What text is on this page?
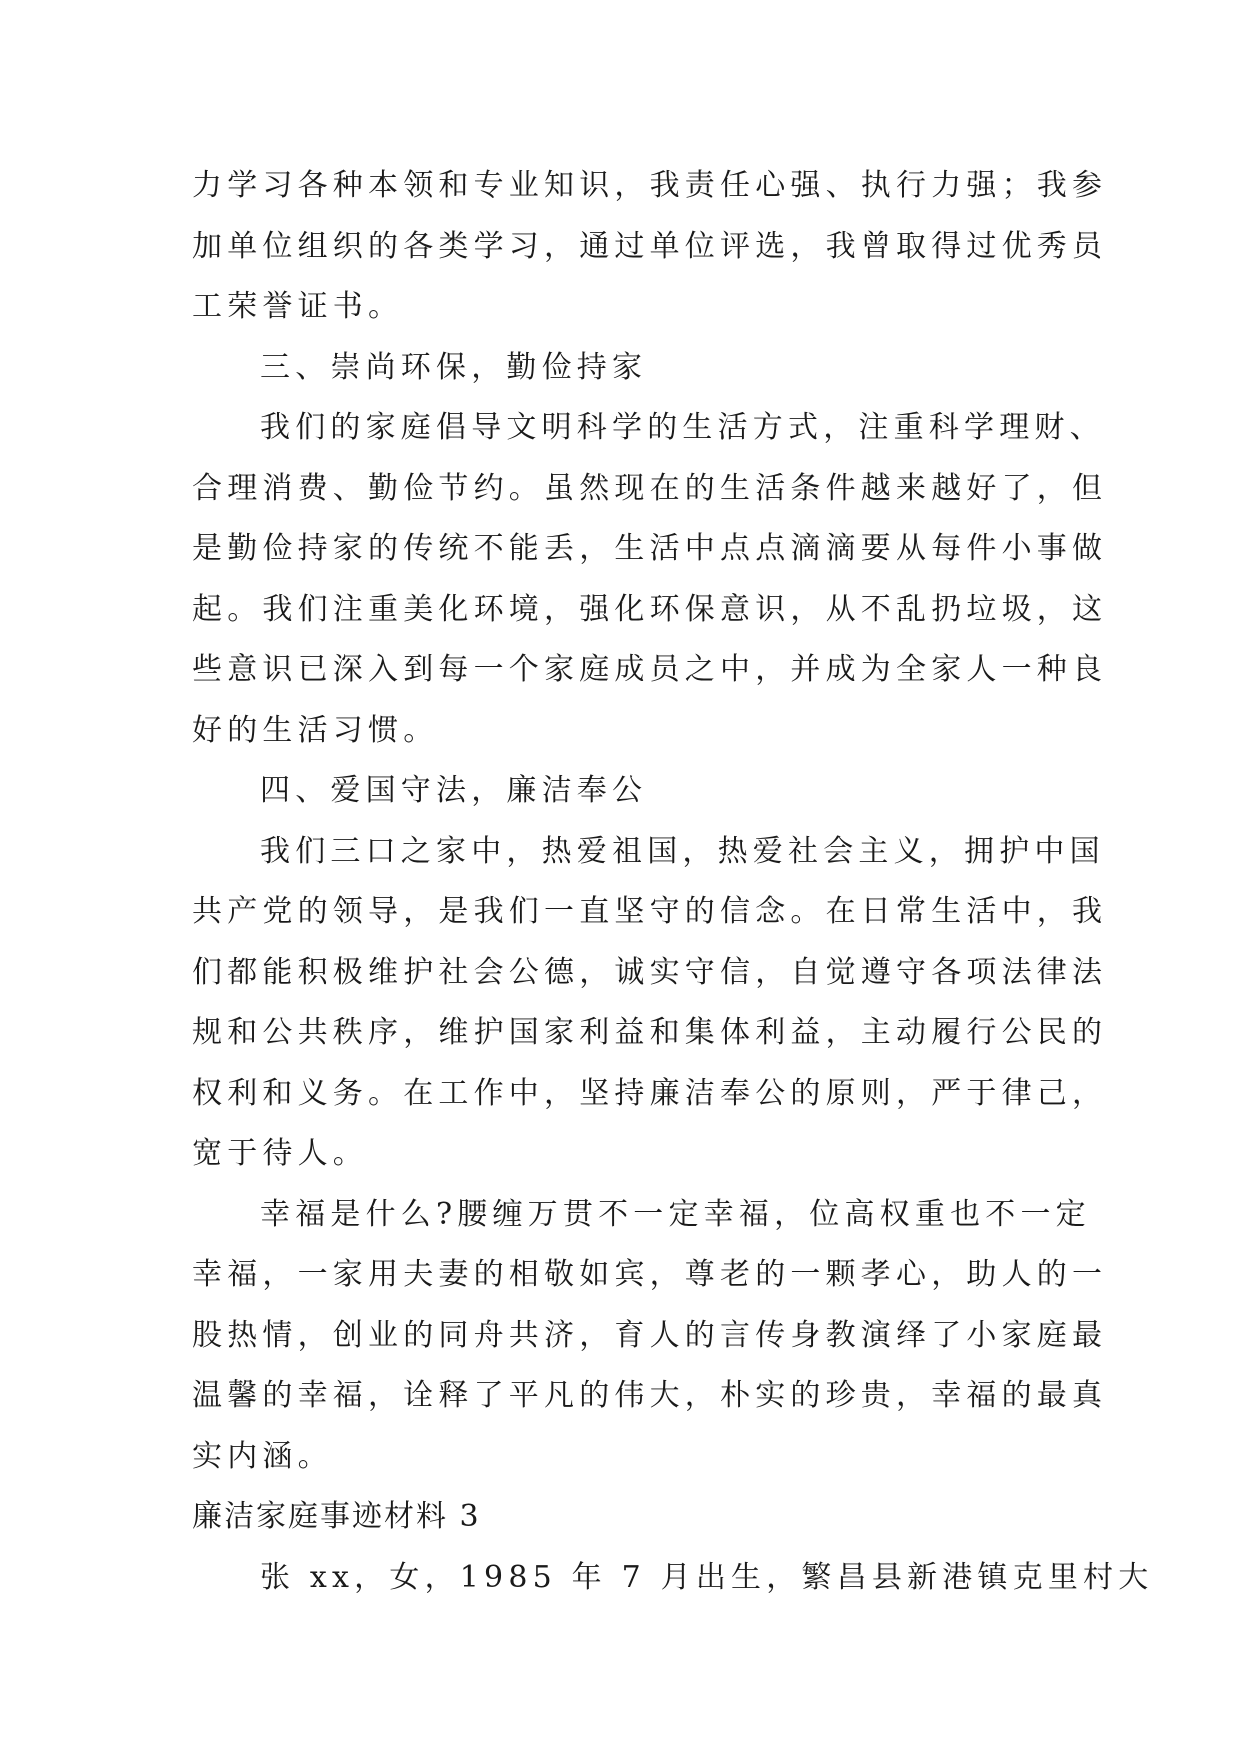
力学习各种本领和专业知识，我责任心强、执行力强；我参
加单位组织的各类学习，通过单位评选，我曾取得过优秀员
工荣誉证书。
三、崇尚环保，勤俭持家
我们的家庭倡导文明科学的生活方式，注重科学理财、
合理消费、勤俭节约。虽然现在的生活条件越来越好了，但
是勤俭持家的传统不能丢，生活中点点滴滴要从每件小事做
起。我们注重美化环境，强化环保意识，从不乱扔垃圾，这
些意识已深入到每一个家庭成员之中，并成为全家人一种良
好的生活习惯。
四、爱国守法，廉洁奉公
我们三口之家中，热爱祖国，热爱社会主义，拥护中国
共产党的领导，是我们一直坚守的信念。在日常生活中，我
们都能积极维护社会公德，诚实守信，自觉遵守各项法律法
规和公共秩序，维护国家利益和集体利益，主动履行公民的
权利和义务。在工作中，坚持廉洁奉公的原则，严于律己，
宽于待人。
幸福是什么?腰缠万贯不一定幸福，位高权重也不一定
幸福，一家用夫妻的相敬如宾，尊老的一颗孝心，助人的一
股热情，创业的同舟共济，育人的言传身教演绎了小家庭最
温馨的幸福，诠释了平凡的伟大，朴实的珍贵，幸福的最真
实内涵。
廉洁家庭事迹材料 3
张 xx，女，1985 年 7 月出生，繁昌县新港镇克里村大
